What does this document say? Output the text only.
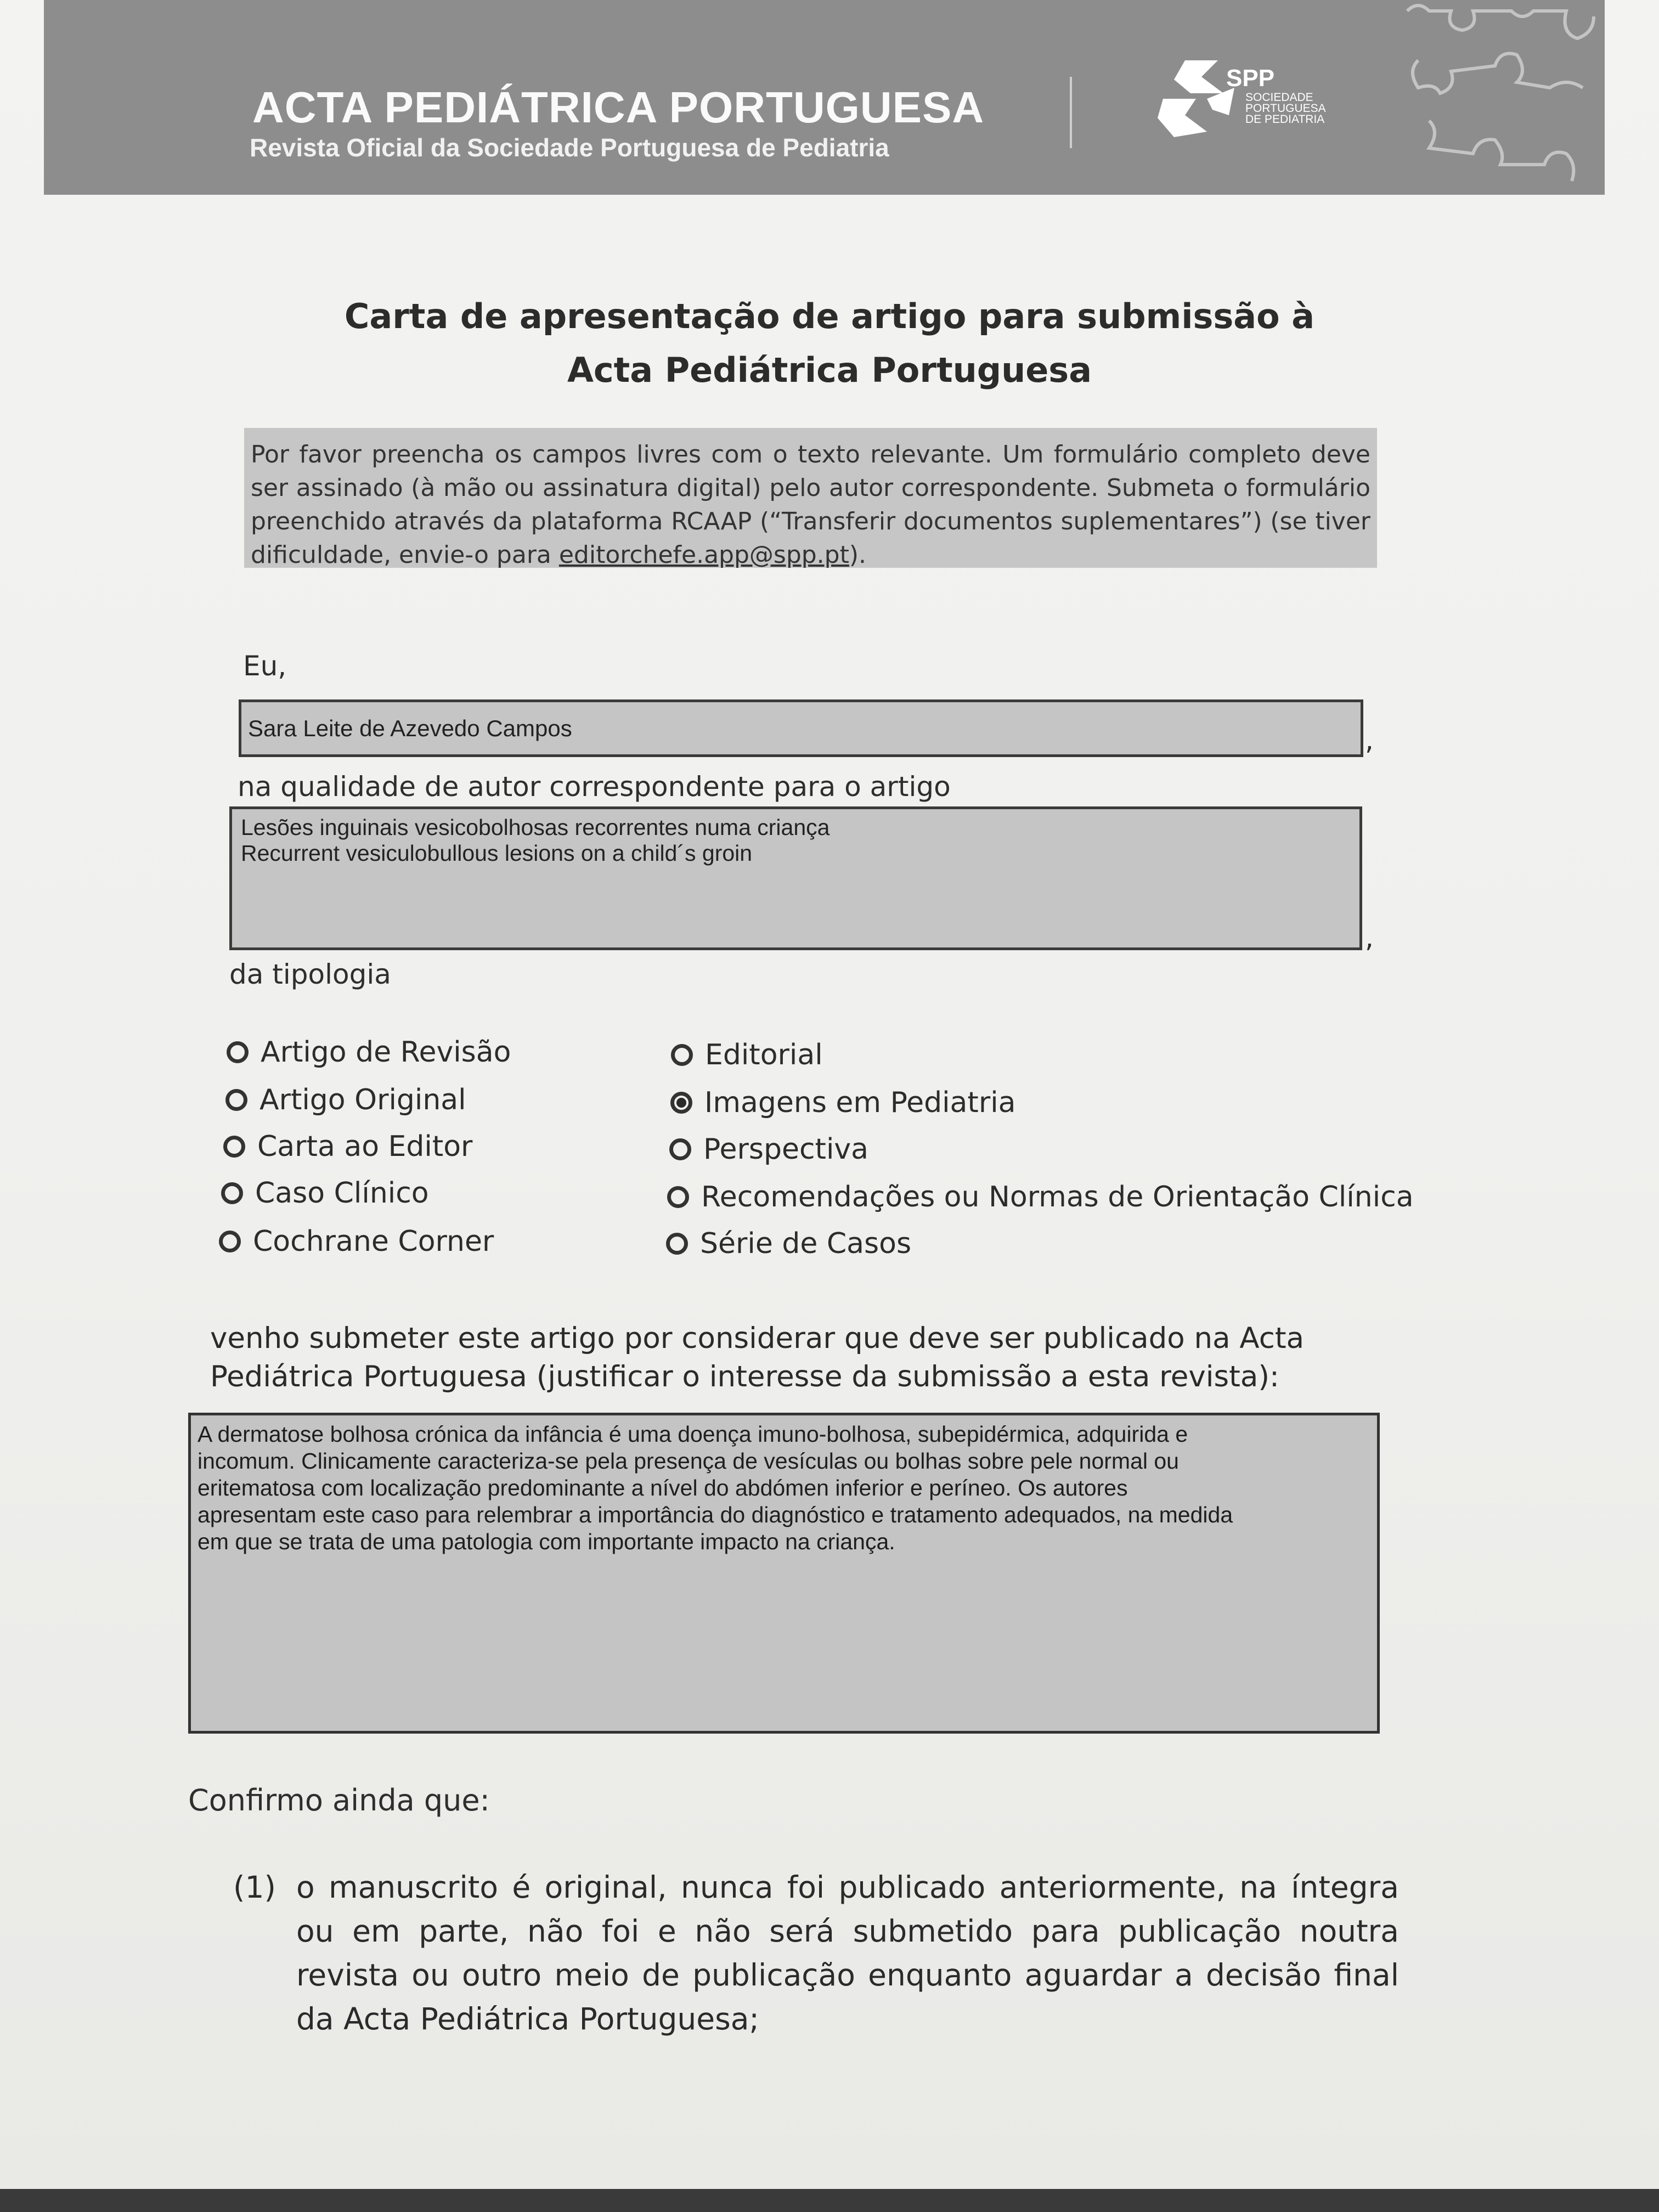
ACTA PEDIÁTRICA PORTUGUESA
Revista Oficial da Sociedade Portuguesa de Pediatria
SPP
SOCIEDADE
PORTUGUESA
DE PEDIATRIA
Carta de apresentação de artigo para submissão à
Acta Pediátrica Portuguesa
Por favor preencha os campos livres com o texto relevante. Um formulário completo deve ser assinado (à mão ou assinatura digital) pelo autor correspondente. Submeta o formulário preenchido através da plataforma RCAAP (“Transferir documentos suplementares”) (se tiver dificuldade, envie-o para editorchefe.app@spp.pt).
Eu,
Sara Leite de Azevedo Campos	,
na qualidade de autor correspondente para o artigo
Lesões inguinais vesicobolhosas recorrentes numa criança
Recurrent vesiculobullous lesions on a child´s groin
,
da tipologia
Artigo de Revisão
Artigo Original
Carta ao Editor
Caso Clínico
Cochrane Corner
Editorial
Imagens em Pediatria
Perspectiva
Recomendações ou Normas de Orientação Clínica
Série de Casos
venho submeter este artigo por considerar que deve ser publicado na Acta Pediátrica Portuguesa (justificar o interesse da submissão a esta revista):
A dermatose bolhosa crónica da infância é uma doença imuno-bolhosa, subepidérmica, adquirida e
incomum. Clinicamente caracteriza-se pela presença de vesículas ou bolhas sobre pele normal ou
eritematosa com localização predominante a nível do abdómen inferior e períneo. Os autores
apresentam este caso para relembrar a importância do diagnóstico e tratamento adequados, na medida
em que se trata de uma patologia com importante impacto na criança.
Confirmo ainda que:
(1) o manuscrito é original, nunca foi publicado anteriormente, na íntegra ou em parte, não foi e não será submetido para publicação noutra revista ou outro meio de publicação enquanto aguardar a decisão final da Acta Pediátrica Portuguesa;
